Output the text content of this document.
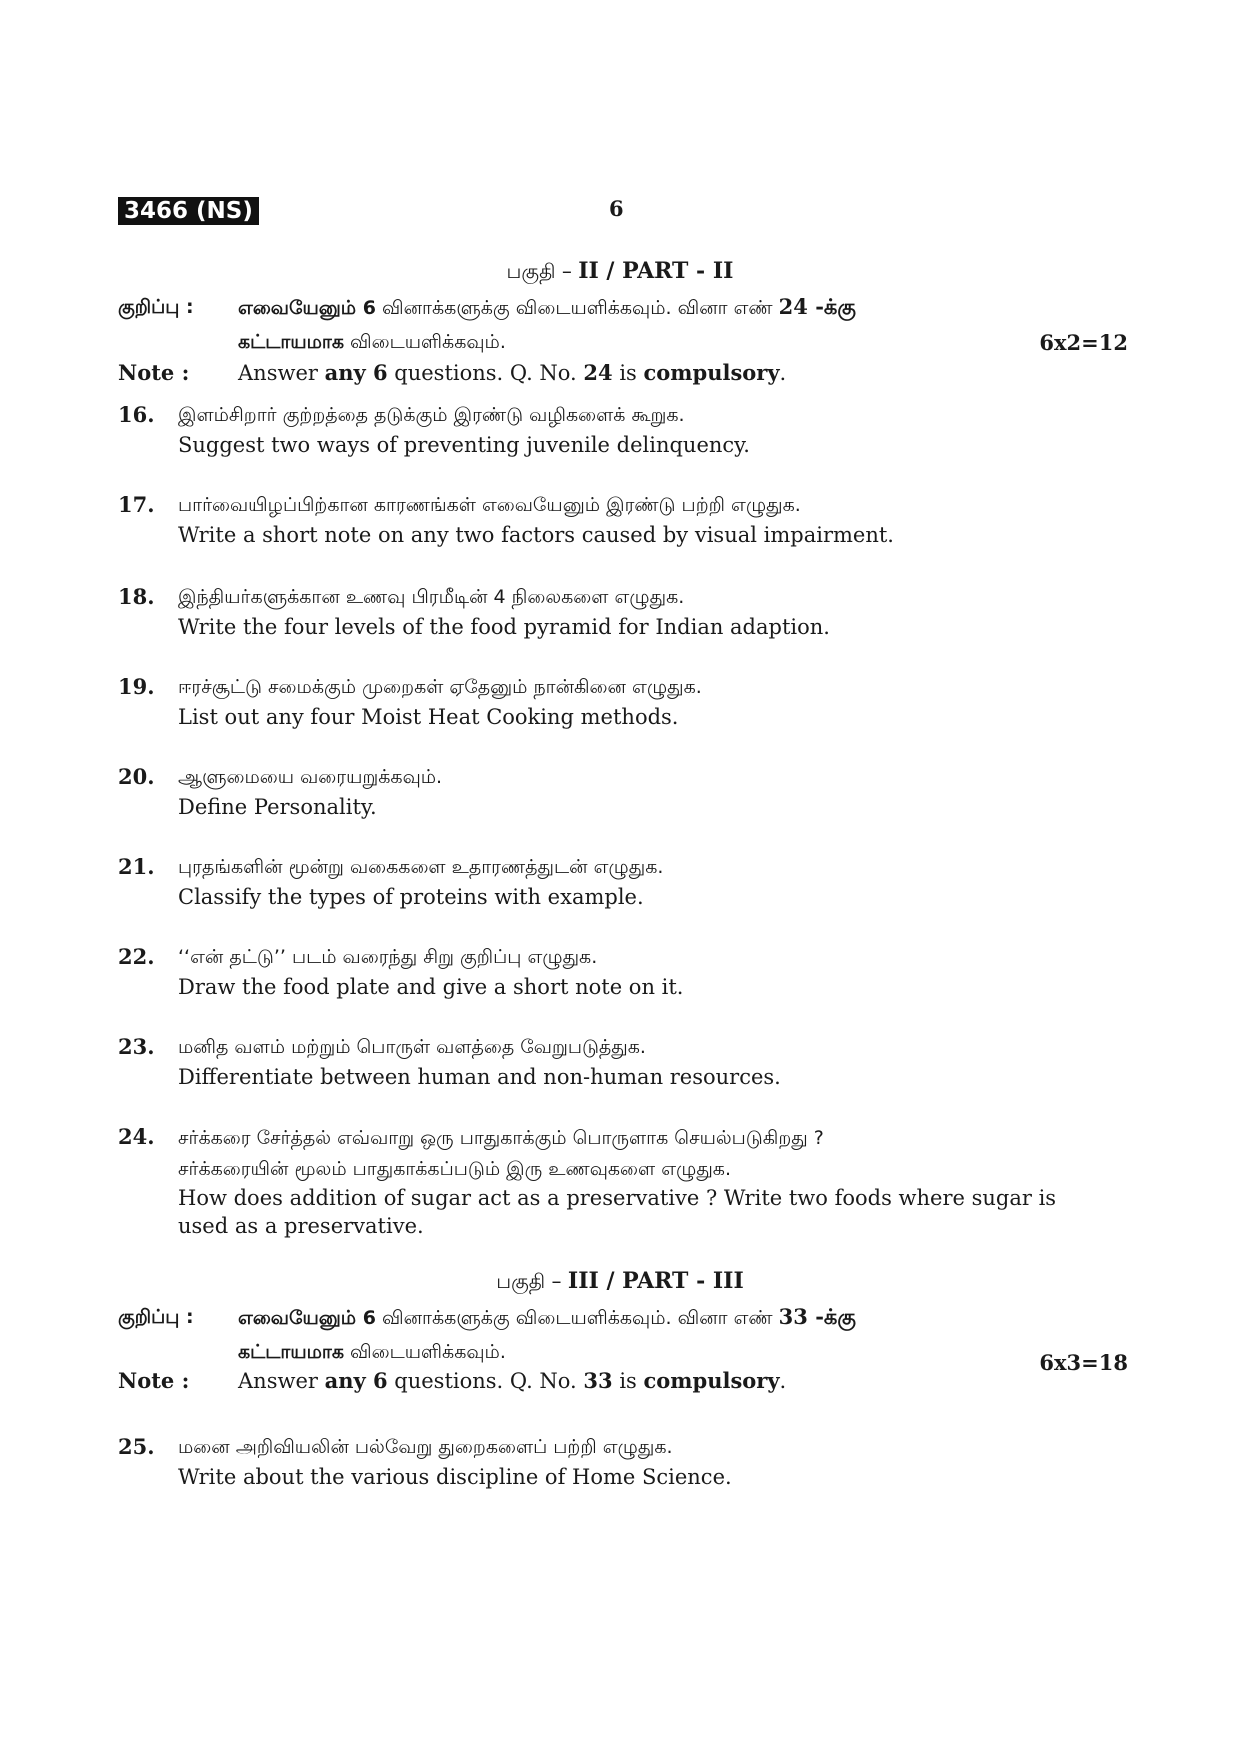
3466 (NS)	6
பகுதி – II / PART - II
குறிப்பு : எவையேனும் 6 வினாக்களுக்கு விடையளிக்கவும். வினா எண் 24 -க்கு
கட்டாயமாக விடையளிக்கவும்.	6x2=12
Note : Answer any 6 questions. Q. No. 24 is compulsory.
16. இளம்சிறார் குற்றத்தை தடுக்கும் இரண்டு வழிகளைக் கூறுக.
Suggest two ways of preventing juvenile delinquency.
17. பார்வையிழப்பிற்கான காரணங்கள் எவையேனும் இரண்டு பற்றி எழுதுக.
Write a short note on any two factors caused by visual impairment.
18. இந்தியர்களுக்கான உணவு பிரமீடின் 4 நிலைகளை எழுதுக.
Write the four levels of the food pyramid for Indian adaption.
19. ஈரச்சூட்டு சமைக்கும் முறைகள் ஏதேனும் நான்கினை எழுதுக.
List out any four Moist Heat Cooking methods.
20. ஆளுமையை வரையறுக்கவும்.
Define Personality.
21. புரதங்களின் மூன்று வகைகளை உதாரணத்துடன் எழுதுக.
Classify the types of proteins with example.
22. ‘‘என் தட்டு’’ படம் வரைந்து சிறு குறிப்பு எழுதுக.
Draw the food plate and give a short note on it.
23. மனித வளம் மற்றும் பொருள் வளத்தை வேறுபடுத்துக.
Differentiate between human and non-human resources.
24. சர்க்கரை சேர்த்தல் எவ்வாறு ஒரு பாதுகாக்கும் பொருளாக செயல்படுகிறது ?
சர்க்கரையின் மூலம் பாதுகாக்கப்படும் இரு உணவுகளை எழுதுக.
How does addition of sugar act as a preservative ? Write two foods where sugar is
used as a preservative.
பகுதி – III / PART - III
குறிப்பு : எவையேனும் 6 வினாக்களுக்கு விடையளிக்கவும். வினா எண் 33 -க்கு
கட்டாயமாக விடையளிக்கவும்.	6x3=18
Note : Answer any 6 questions. Q. No. 33 is compulsory.
25. மனை அறிவியலின் பல்வேறு துறைகளைப் பற்றி எழுதுக.
Write about the various discipline of Home Science.
